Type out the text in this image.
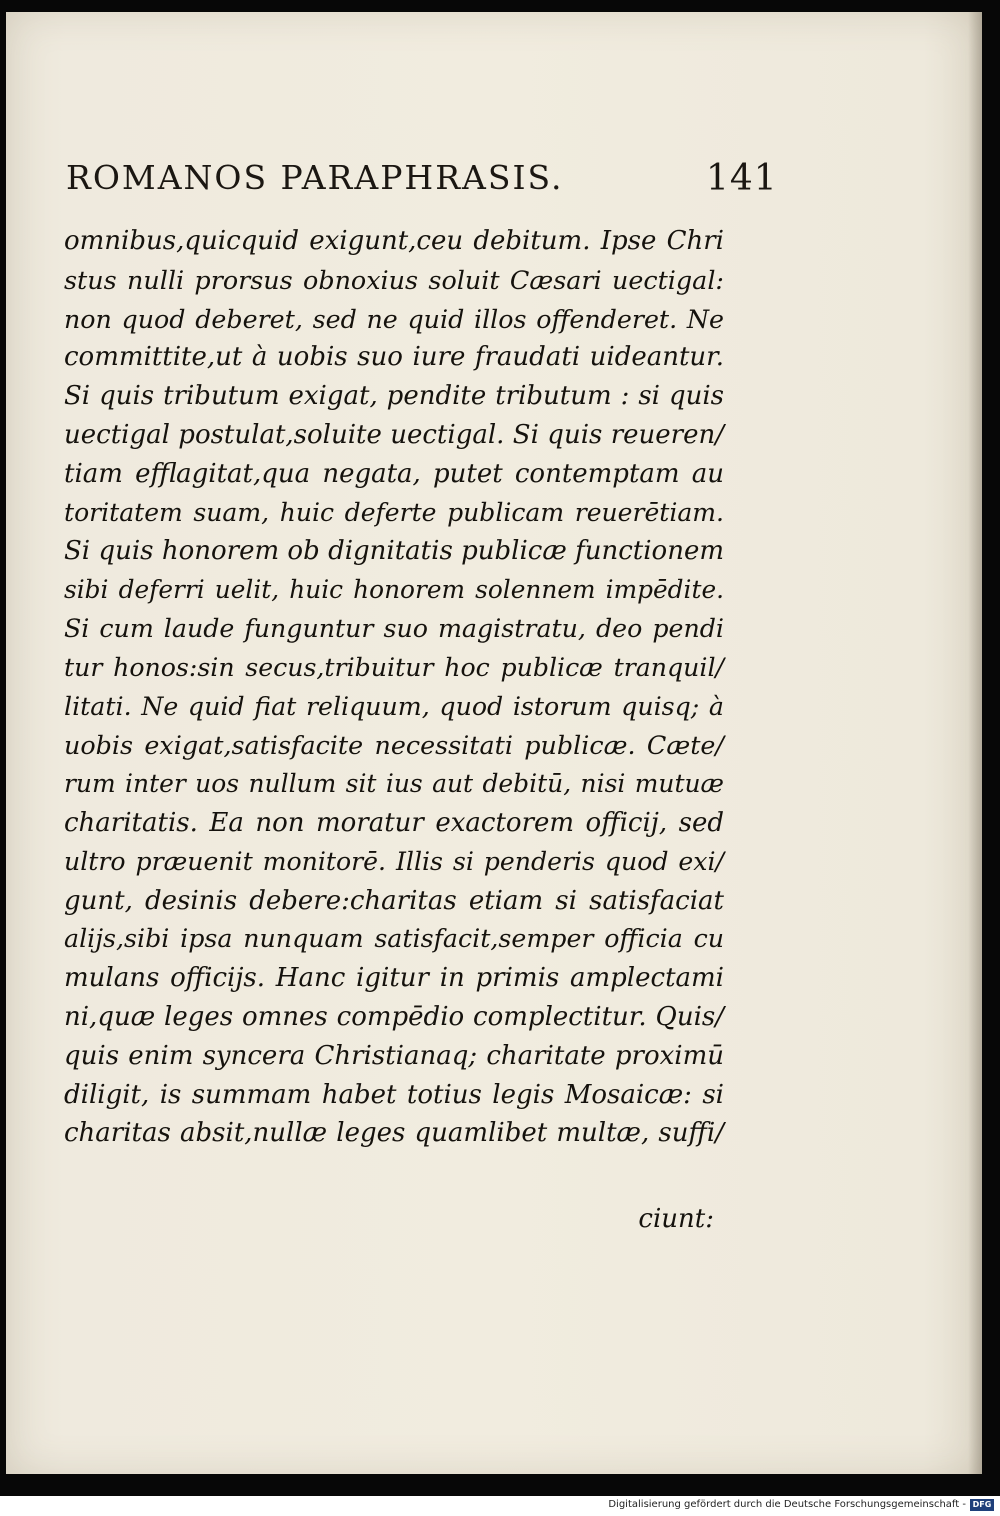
ROMANOS PARAPHRASIS.	141
omnibus,quicquid exigunt,ceu debitum. Ipse Chri
stus nulli prorsus obnoxius soluit Cæsari uectigal:
non quod deberet, sed ne quid illos offenderet. Ne
committite,ut à uobis suo iure fraudati uideantur.
Si quis tributum exigat, pendite tributum : si quis
uectigal postulat,soluite uectigal. Si quis reueren/
tiam efflagitat,qua negata, putet contemptam au
toritatem suam, huic deferte publicam reuerētiam.
Si quis honorem ob dignitatis publicæ functionem
sibi deferri uelit, huic honorem solennem impēdite.
Si cum laude funguntur suo magistratu, deo pendi
tur honos:sin secus,tribuitur hoc publicæ tranquil/
litati. Ne quid fiat reliquum, quod istorum quisq; à
uobis exigat,satisfacite necessitati publicæ. Cæte/
rum inter uos nullum sit ius aut debitū, nisi mutuæ
charitatis. Ea non moratur exactorem officij, sed
ultro præuenit monitorē. Illis si penderis quod exi/
gunt, desinis debere:charitas etiam si satisfaciat
alijs,sibi ipsa nunquam satisfacit,semper officia cu
mulans officijs. Hanc igitur in primis amplectami
ni,quæ leges omnes compēdio complectitur. Quis/
quis enim syncera Christianaq; charitate proximū
diligit, is summam habet totius legis Mosaicæ: si
charitas absit,nullæ leges quamlibet multæ, suffi/
ciunt:
Digitalisierung gefördert durch die Deutsche Forschungsgemeinschaft - DFG
